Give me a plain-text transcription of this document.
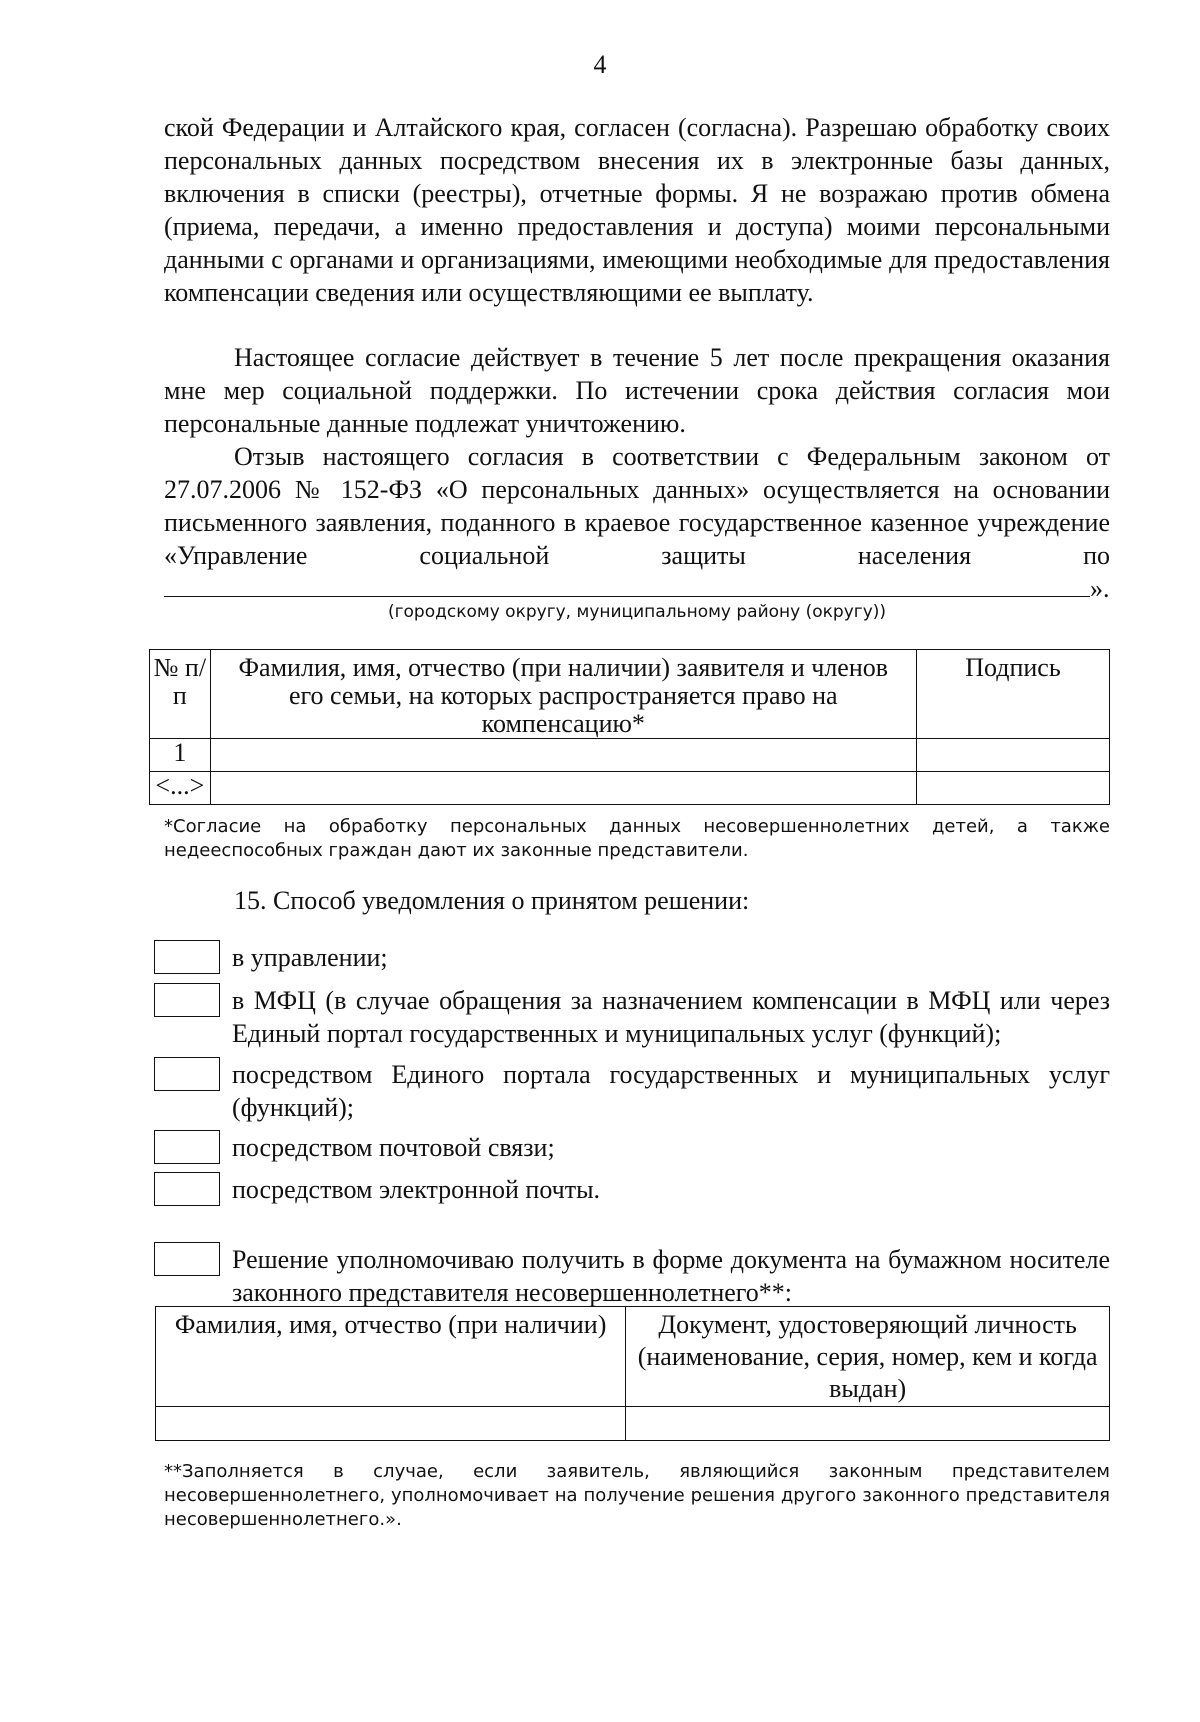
4
ской Федерации и Алтайского края, согласен (согласна). Разрешаю обработку своих персональных данных посредством внесения их в электронные базы данных, включения в списки (реестры), отчетные формы. Я не возражаю против обмена (приема, передачи, а именно предоставления и доступа) моими персональными данными с органами и организациями, имеющими необходимые для предоставления компенсации сведения или осуществляющими ее выплату.
Настоящее согласие действует в течение 5 лет после прекращения оказания мне мер социальной поддержки. По истечении срока действия согласия мои персональные данные подлежат уничтожению.
Отзыв настоящего согласия в соответствии с Федеральным законом от 27.07.2006 № 152-ФЗ «О персональных данных» осуществляется на основании письменного заявления, поданного в краевое государственное казенное учреждение «Управление социальной защиты населения по
».
(городскому округу, муниципальному району (округу))
№ п/п	Фамилия, имя, отчество (при наличии) заявителя и членов его семьи, на которых распространяется право на компенсацию*	Подпись
1		
<...>		
*Согласие на обработку персональных данных несовершеннолетних детей, а также недееспособных граждан дают их законные представители.
15. Способ уведомления о принятом решении:
в управлении;
в МФЦ (в случае обращения за назначением компенсации в МФЦ или через Единый портал государственных и муниципальных услуг (функций);
посредством Единого портала государственных и муниципальных услуг (функций);
посредством почтовой связи;
посредством электронной почты.
Решение уполномочиваю получить в форме документа на бумажном носителе законного представителя несовершеннолетнего**:
Фамилия, имя, отчество (при наличии)	Документ, удостоверяющий личность (наименование, серия, номер, кем и когда выдан)

**Заполняется в случае, если заявитель, являющийся законным представителем несовершеннолетнего, уполномочивает на получение решения другого законного представителя несовершеннолетнего.».
